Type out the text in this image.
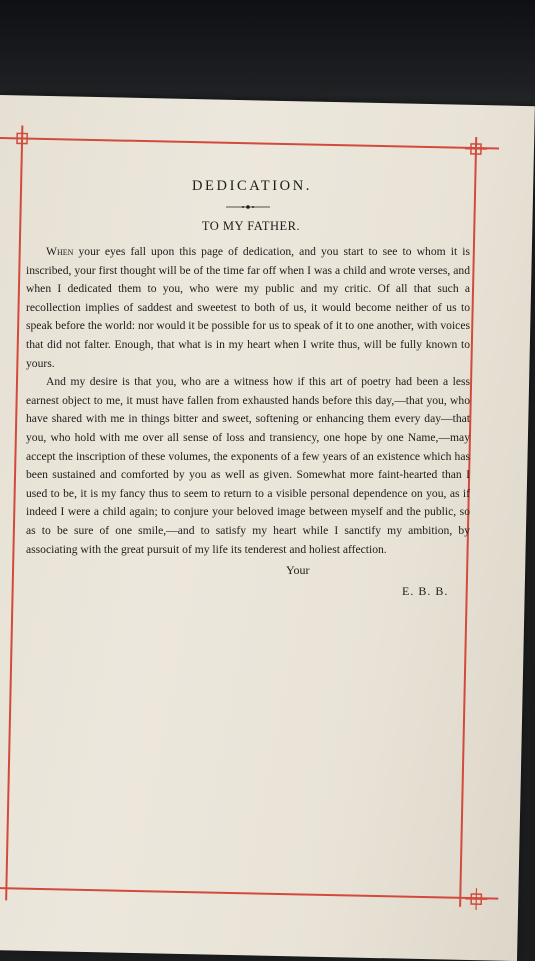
DEDICATION.
TO MY FATHER.

When your eyes fall upon this page of dedication, and you start to see to whom it is inscribed, your first thought will be of the time far off when I was a child and wrote verses, and when I dedicated them to you, who were my public and my critic. Of all that such a recollection implies of saddest and sweetest to both of us, it would become neither of us to speak before the world: nor would it be possible for us to speak of it to one another, with voices that did not falter. Enough, that what is in my heart when I write thus, will be fully known to yours.

And my desire is that you, who are a witness how if this art of poetry had been a less earnest object to me, it must have fallen from exhausted hands before this day,—that you, who have shared with me in things bitter and sweet, softening or enhancing them every day—that you, who hold with me over all sense of loss and transiency, one hope by one Name,—may accept the inscription of these volumes, the exponents of a few years of an existence which has been sustained and comforted by you as well as given. Somewhat more faint-hearted than I used to be, it is my fancy thus to seem to return to a visible personal dependence on you, as if indeed I were a child again; to conjure your beloved image between myself and the public, so as to be sure of one smile,—and to satisfy my heart while I sanctify my ambition, by associating with the great pursuit of my life its tenderest and holiest affection.

Your
E. B. B.
